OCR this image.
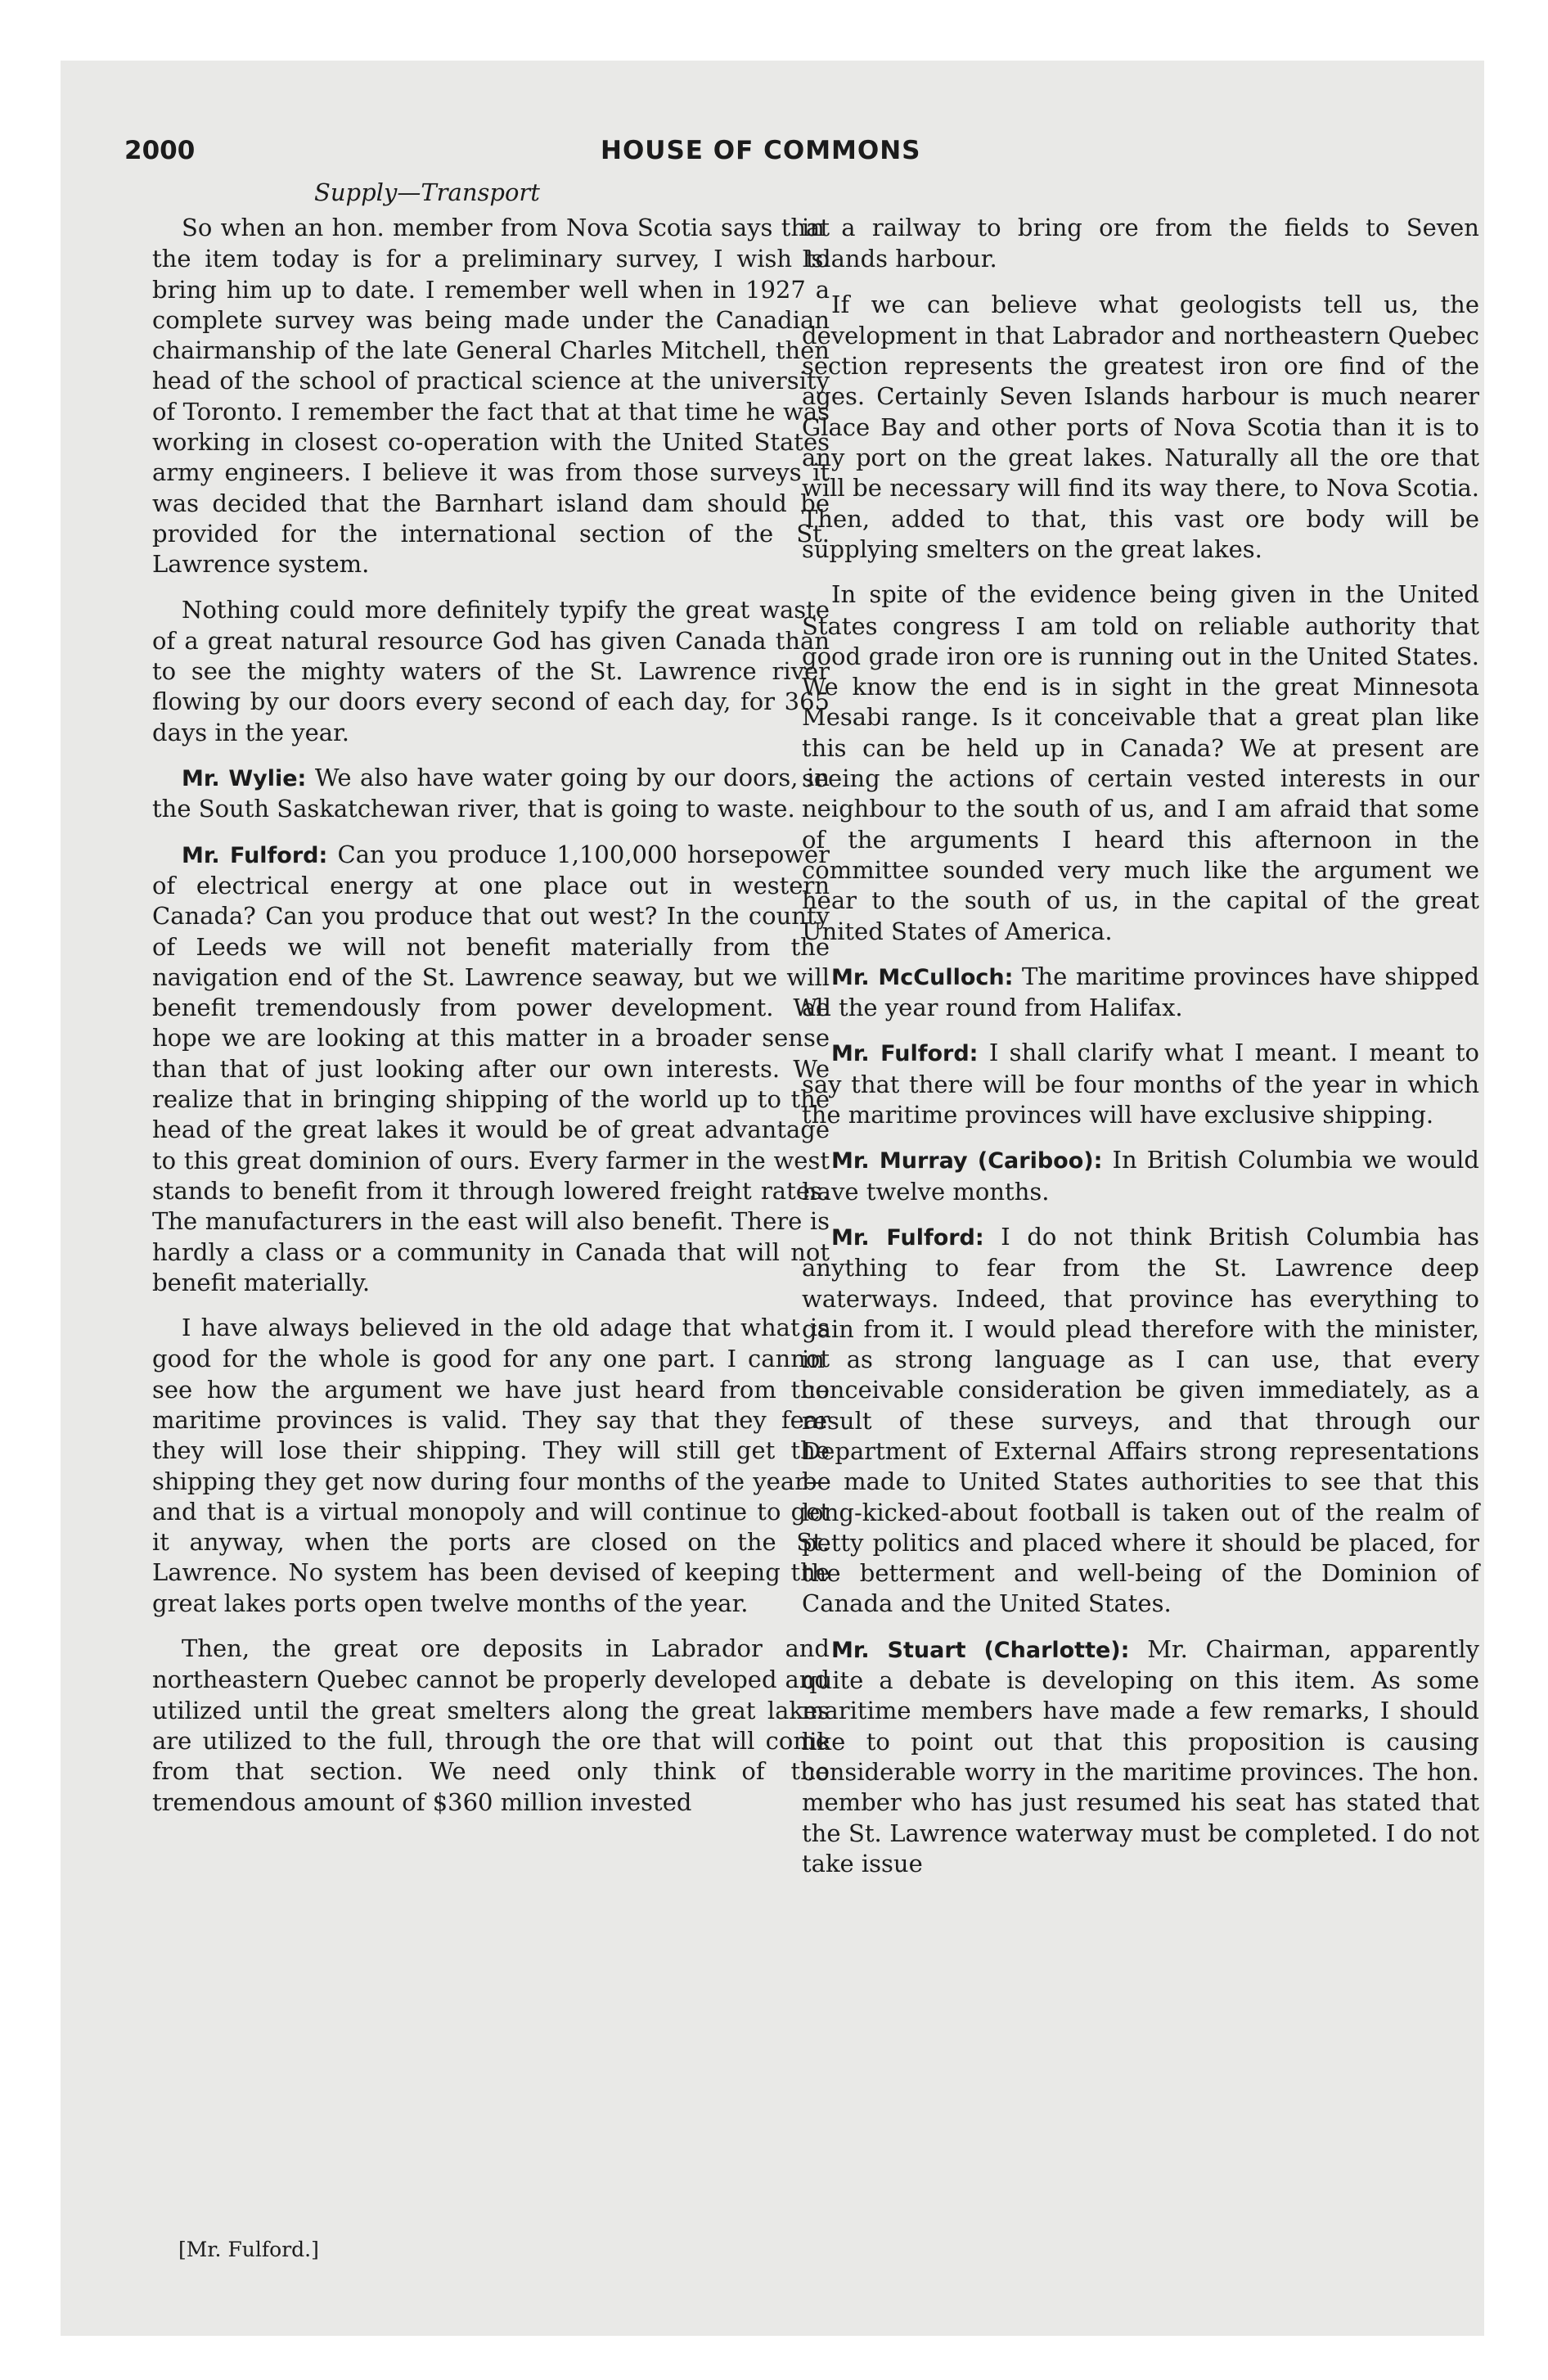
2000	HOUSE OF COMMONS
Supply—Transport

So when an hon. member from Nova Scotia says that the item today is for a preliminary survey, I wish to bring him up to date. I remember well when in 1927 a complete survey was being made under the Canadian chairmanship of the late General Charles Mitchell, then head of the school of practical science at the university of Toronto. I remember the fact that at that time he was working in closest co-operation with the United States army engineers. I believe it was from those surveys it was decided that the Barnhart island dam should be provided for the international section of the St. Lawrence system.

Nothing could more definitely typify the great waste of a great natural resource God has given Canada than to see the mighty waters of the St. Lawrence river flowing by our doors every second of each day, for 365 days in the year.

Mr. Wylie: We also have water going by our doors, in the South Saskatchewan river, that is going to waste.

Mr. Fulford: Can you produce 1,100,000 horsepower of electrical energy at one place out in western Canada? Can you produce that out west? In the county of Leeds we will not benefit materially from the navigation end of the St. Lawrence seaway, but we will benefit tremendously from power development. We hope we are looking at this matter in a broader sense than that of just looking after our own interests. We realize that in bringing shipping of the world up to the head of the great lakes it would be of great advantage to this great dominion of ours. Every farmer in the west stands to benefit from it through lowered freight rates. The manufacturers in the east will also benefit. There is hardly a class or a community in Canada that will not benefit materially.

I have always believed in the old adage that what is good for the whole is good for any one part. I cannot see how the argument we have just heard from the maritime provinces is valid. They say that they fear they will lose their shipping. They will still get the shipping they get now during four months of the year—and that is a virtual monopoly and will continue to get it anyway, when the ports are closed on the St. Lawrence. No system has been devised of keeping the great lakes ports open twelve months of the year.

Then, the great ore deposits in Labrador and northeastern Quebec cannot be properly developed and utilized until the great smelters along the great lakes are utilized to the full, through the ore that will come from that section. We need only think of the tremendous amount of $360 million invested

in a railway to bring ore from the fields to Seven Islands harbour.

If we can believe what geologists tell us, the development in that Labrador and northeastern Quebec section represents the greatest iron ore find of the ages. Certainly Seven Islands harbour is much nearer Glace Bay and other ports of Nova Scotia than it is to any port on the great lakes. Naturally all the ore that will be necessary will find its way there, to Nova Scotia. Then, added to that, this vast ore body will be supplying smelters on the great lakes.

In spite of the evidence being given in the United States congress I am told on reliable authority that good grade iron ore is running out in the United States. We know the end is in sight in the great Minnesota Mesabi range. Is it conceivable that a great plan like this can be held up in Canada? We at present are seeing the actions of certain vested interests in our neighbour to the south of us, and I am afraid that some of the arguments I heard this afternoon in the committee sounded very much like the argument we hear to the south of us, in the capital of the great United States of America.

Mr. McCulloch: The maritime provinces have shipped all the year round from Halifax.

Mr. Fulford: I shall clarify what I meant. I meant to say that there will be four months of the year in which the maritime provinces will have exclusive shipping.

Mr. Murray (Cariboo): In British Columbia we would have twelve months.

Mr. Fulford: I do not think British Columbia has anything to fear from the St. Lawrence deep waterways. Indeed, that province has everything to gain from it. I would plead therefore with the minister, in as strong language as I can use, that every conceivable consideration be given immediately, as a result of these surveys, and that through our Department of External Affairs strong representations be made to United States authorities to see that this long-kicked-about football is taken out of the realm of petty politics and placed where it should be placed, for the betterment and well-being of the Dominion of Canada and the United States.

Mr. Stuart (Charlotte): Mr. Chairman, apparently quite a debate is developing on this item. As some maritime members have made a few remarks, I should like to point out that this proposition is causing considerable worry in the maritime provinces. The hon. member who has just resumed his seat has stated that the St. Lawrence waterway must be completed. I do not take issue

[Mr. Fulford.]
